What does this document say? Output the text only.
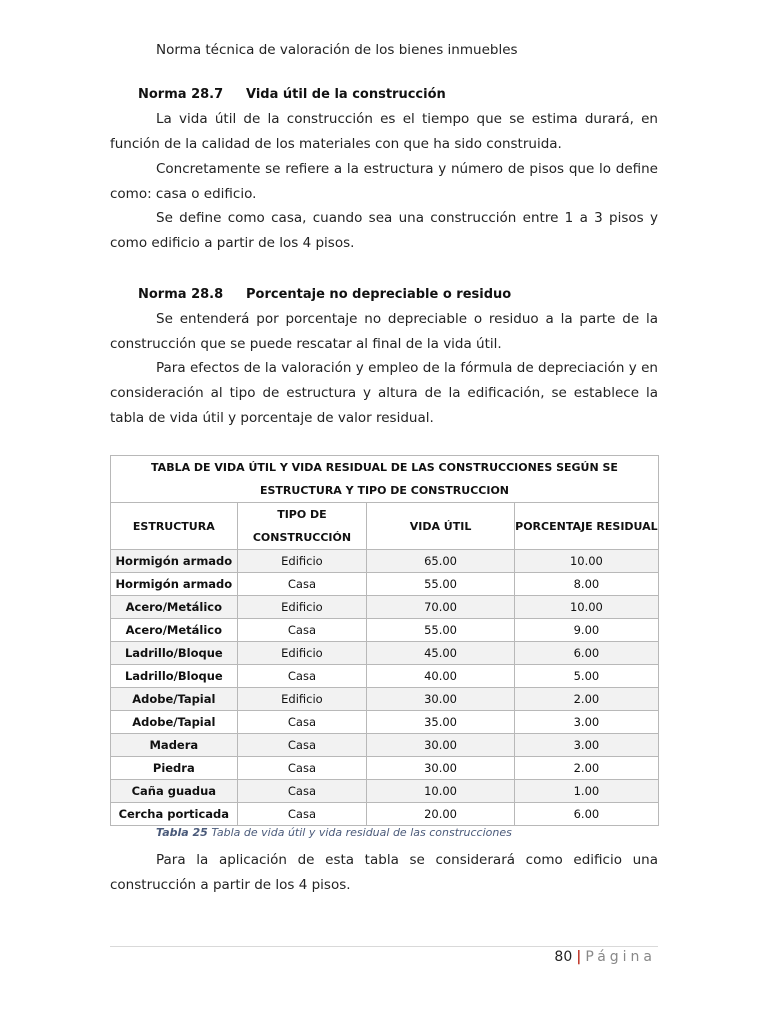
Norma técnica de valoración de los bienes inmuebles
Norma 28.7 Vida útil de la construcción
La vida útil de la construcción es el tiempo que se estima durará, en función de la calidad de los materiales con que ha sido construida.
Concretamente se refiere a la estructura y número de pisos que lo define como: casa o edificio.
Se define como casa, cuando sea una construcción entre 1 a 3 pisos y como edificio a partir de los 4 pisos.
Norma 28.8 Porcentaje no depreciable o residuo
Se entenderá por porcentaje no depreciable o residuo a la parte de la construcción que se puede rescatar al final de la vida útil.
Para efectos de la valoración y empleo de la fórmula de depreciación y en consideración al tipo de estructura y altura de la edificación, se establece la tabla de vida útil y porcentaje de valor residual.
TABLA DE VIDA ÚTIL Y VIDA RESIDUAL DE LAS CONSTRUCCIONES SEGÚN SE ESTRUCTURA Y TIPO DE CONSTRUCCION			
ESTRUCTURA	TIPO DE CONSTRUCCIÓN	VIDA ÚTIL	PORCENTAJE RESIDUAL
Hormigón armado	Edificio	65.00	10.00
Hormigón armado	Casa	55.00	8.00
Acero/Metálico	Edificio	70.00	10.00
Acero/Metálico	Casa	55.00	9.00
Ladrillo/Bloque	Edificio	45.00	6.00
Ladrillo/Bloque	Casa	40.00	5.00
Adobe/Tapial	Edificio	30.00	2.00
Adobe/Tapial	Casa	35.00	3.00
Madera	Casa	30.00	3.00
Piedra	Casa	30.00	2.00
Caña guadua	Casa	10.00	1.00
Cercha porticada	Casa	20.00	6.00
Tabla 25 Tabla de vida útil y vida residual de las construcciones
Para la aplicación de esta tabla se considerará como edificio una construcción a partir de los 4 pisos.
80 | Página
